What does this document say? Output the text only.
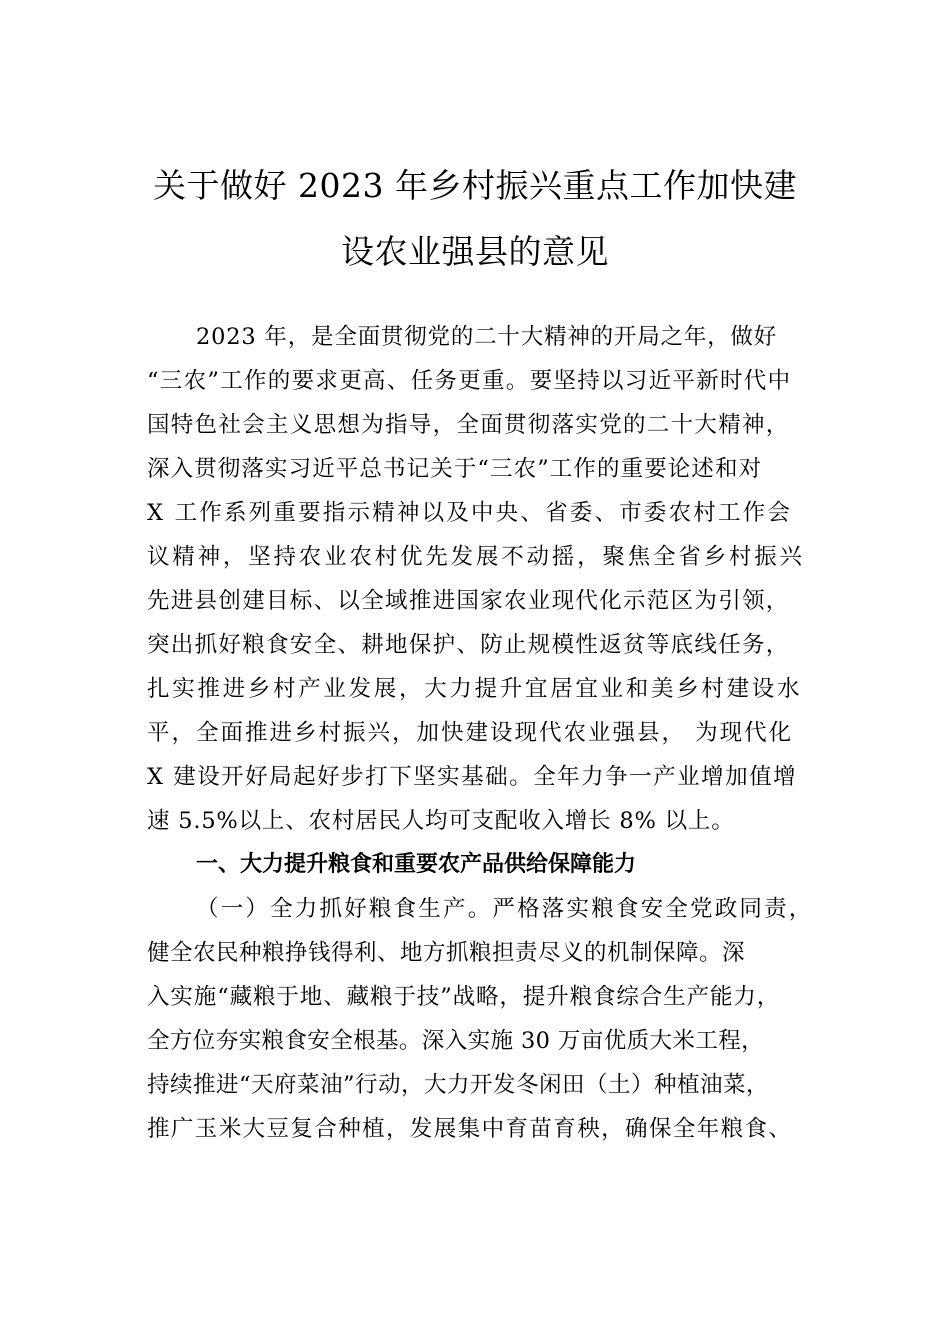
关于做好 2023 年乡村振兴重点工作加快建
设农业强县的意见
2023 年，是全面贯彻党的二十大精神的开局之年，做好
“三农”工作的要求更高、任务更重。要坚持以习近平新时代中
国特色社会主义思想为指导，全面贯彻落实党的二十大精神，
深入贯彻落实习近平总书记关于“三农”工作的重要论述和对
X 工作系列重要指示精神以及中央、省委、市委农村工作会
议精神，坚持农业农村优先发展不动摇，聚焦全省乡村振兴
先进县创建目标、以全域推进国家农业现代化示范区为引领，
突出抓好粮食安全、耕地保护、防止规模性返贫等底线任务，
扎实推进乡村产业发展，大力提升宜居宜业和美乡村建设水
平，全面推进乡村振兴，加快建设现代农业强县， 为现代化
X 建设开好局起好步打下坚实基础。全年力争一产业增加值增
速 5.5%以上、农村居民人均可支配收入增长 8% 以上。
一、大力提升粮食和重要农产品供给保障能力
（一）全力抓好粮食生产。严格落实粮食安全党政同责，
健全农民种粮挣钱得利、地方抓粮担责尽义的机制保障。深
入实施“藏粮于地、藏粮于技”战略，提升粮食综合生产能力，
全方位夯实粮食安全根基。深入实施 30 万亩优质大米工程，
持续推进“天府菜油”行动，大力开发冬闲田（土）种植油菜，
推广玉米大豆复合种植，发展集中育苗育秧，确保全年粮食、
